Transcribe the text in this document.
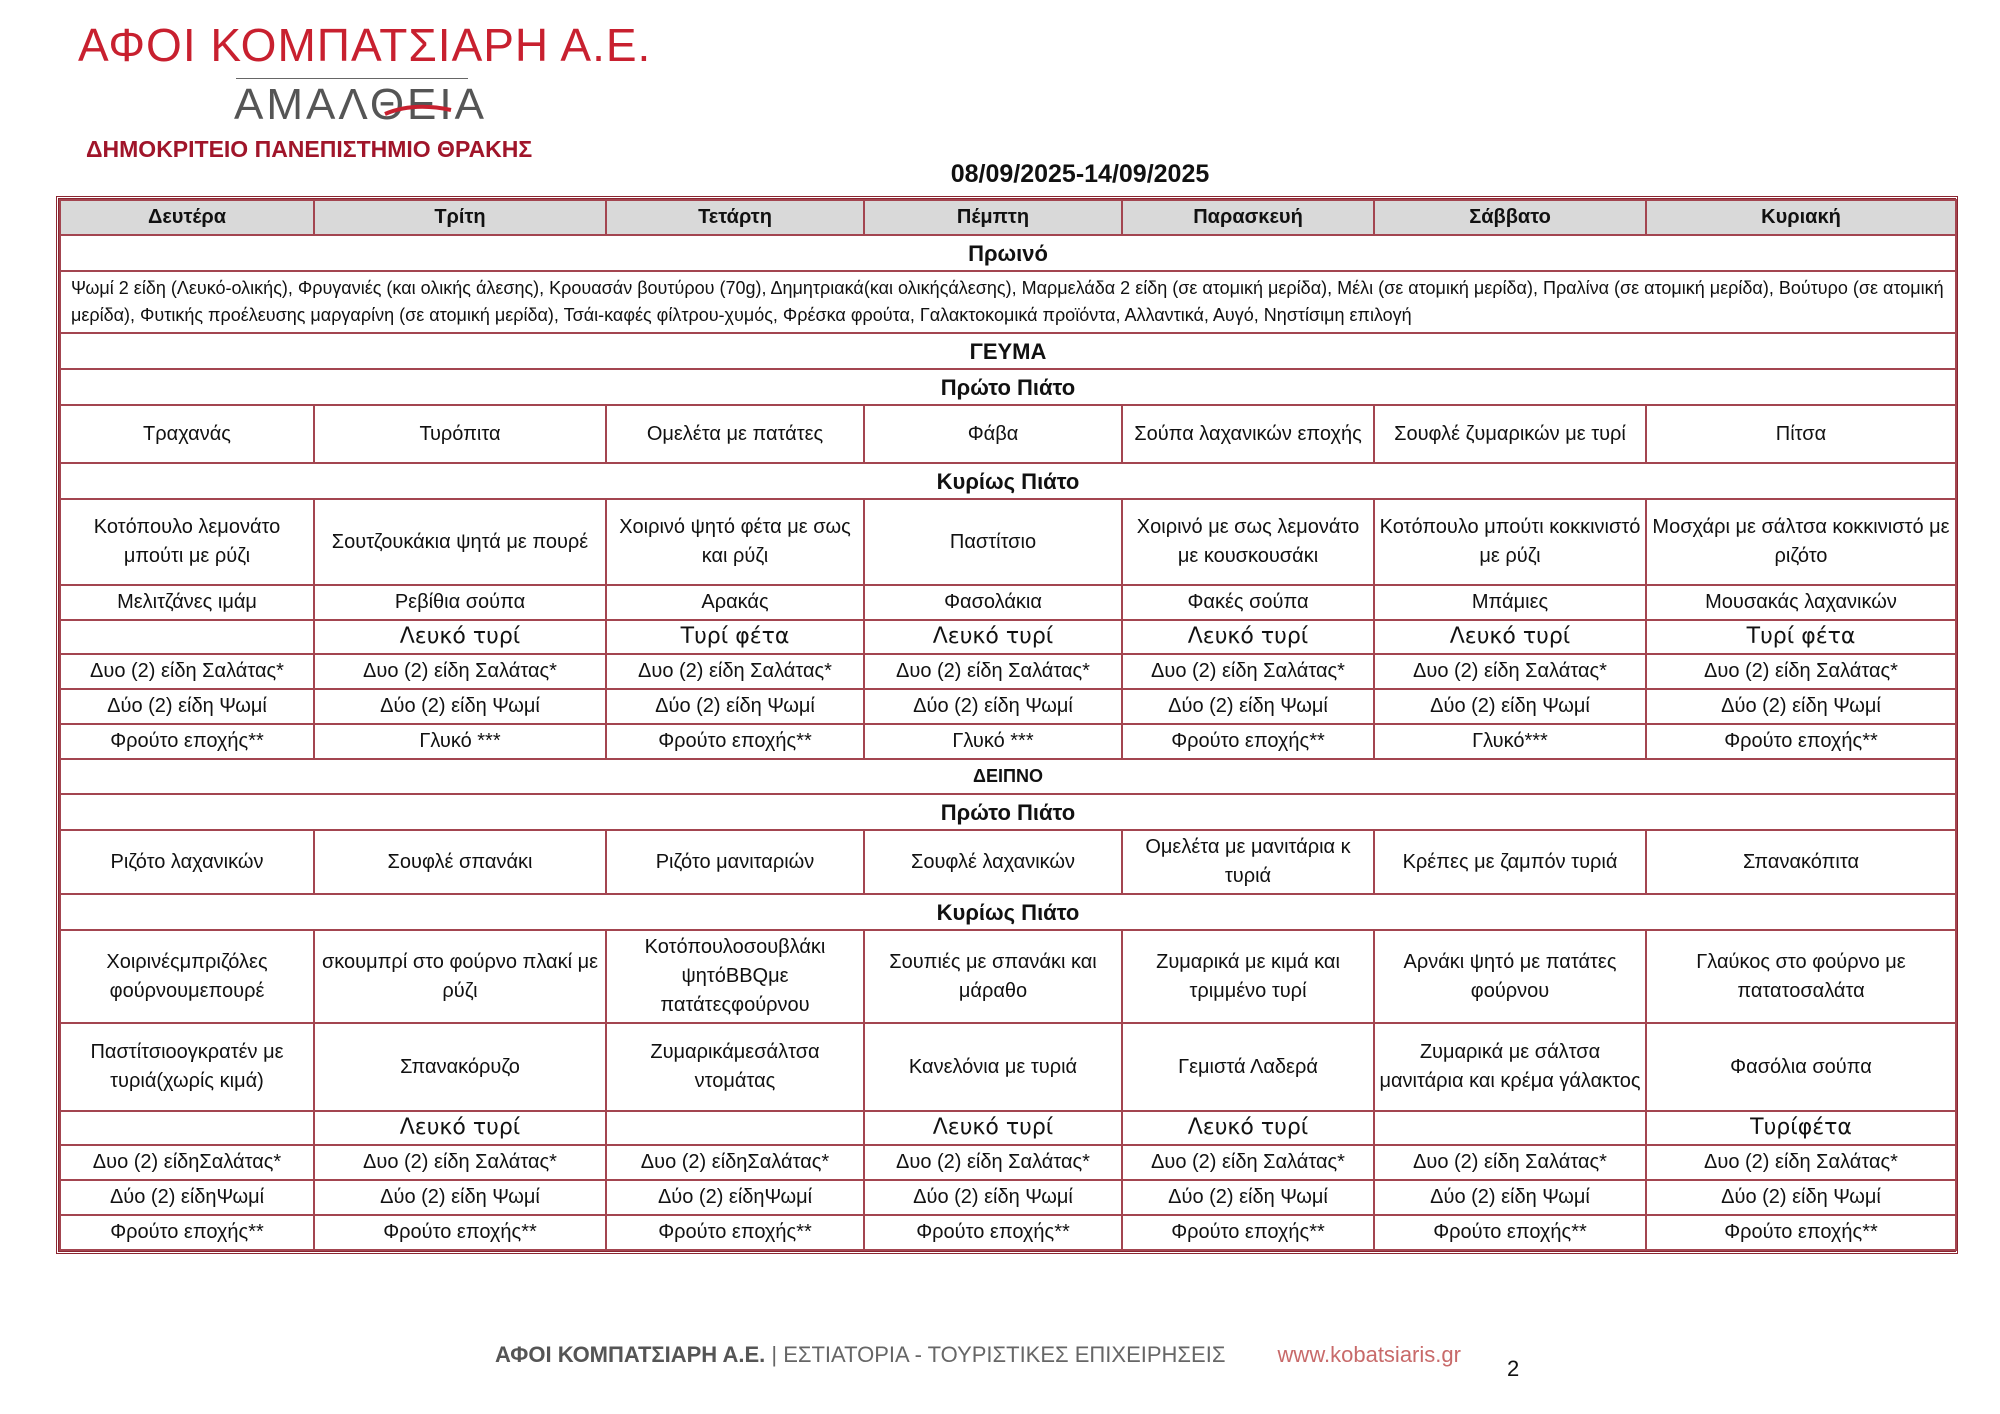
ΑΦΟΙ ΚΟΜΠΑΤΣΙΑΡΗ Α.Ε.
ΑΜΑΛΘΕΙΑ
ΔΗΜΟΚΡΙΤΕΙΟ ΠΑΝΕΠΙΣΤΗΜΙΟ ΘΡΑΚΗΣ
08/09/2025-14/09/2025
Δευτέρα	Τρίτη	Τετάρτη	Πέμπτη	Παρασκευή	Σάββατο	Κυριακή
Πρωινό						
Ψωμί 2 είδη (Λευκό-ολικής), Φρυγανιές (και ολικής άλεσης), Κρουασάν βουτύρου (70g), Δημητριακά(και ολικήςάλεσης), Μαρμελάδα 2 είδη (σε ατομική μερίδα), Μέλι (σε ατομική μερίδα), Πραλίνα (σε ατομική μερίδα), Βούτυρο (σε ατομική μερίδα), Φυτικής προέλευσης μαργαρίνη (σε ατομική μερίδα), Τσάι-καφές φίλτρου-χυμός, Φρέσκα φρούτα, Γαλακτοκομικά προϊόντα, Αλλαντικά, Αυγό, Νηστίσιμη επιλογή						
ΓΕΥΜΑ						
Πρώτο Πιάτο						
Τραχανάς	Τυρόπιτα	Ομελέτα με πατάτες	Φάβα	Σούπα λαχανικών εποχής	Σουφλέ ζυμαρικών με τυρί	Πίτσα
Κυρίως Πιάτο						
Κοτόπουλο λεμονάτο μπούτι με ρύζι	Σουτζουκάκια ψητά με πουρέ	Χοιρινό ψητό φέτα με σως και ρύζι	Παστίτσιο	Χοιρινό με σως λεμονάτο με κουσκουσάκι	Κοτόπουλο μπούτι κοκκινιστό με ρύζι	Μοσχάρι με σάλτσα κοκκινιστό με ριζότο
Μελιτζάνες ιμάμ	Ρεβίθια σούπα	Αρακάς	Φασολάκια	Φακές σούπα	Μπάμιες	Μουσακάς λαχανικών
	Λευκό τυρί	Τυρί φέτα	Λευκό τυρί	Λευκό τυρί	Λευκό τυρί	Τυρί φέτα
Δυο (2) είδη Σαλάτας*	Δυο (2) είδη Σαλάτας*	Δυο (2) είδη Σαλάτας*	Δυο (2) είδη Σαλάτας*	Δυο (2) είδη Σαλάτας*	Δυο (2) είδη Σαλάτας*	Δυο (2) είδη Σαλάτας*
Δύο (2) είδη Ψωμί	Δύο (2) είδη Ψωμί	Δύο (2) είδη Ψωμί	Δύο (2) είδη Ψωμί	Δύο (2) είδη Ψωμί	Δύο (2) είδη Ψωμί	Δύο (2) είδη Ψωμί
Φρούτο εποχής**	Γλυκό ***	Φρούτο εποχής**	Γλυκό ***	Φρούτο εποχής**	Γλυκό***	Φρούτο εποχής**
ΔΕΙΠΝΟ						
Πρώτο Πιάτο						
Ριζότο λαχανικών	Σουφλέ σπανάκι	Ριζότο μανιταριών	Σουφλέ λαχανικών	Ομελέτα με μανιτάρια κ τυριά	Κρέπες με ζαμπόν τυριά	Σπανακόπιτα
Κυρίως Πιάτο						
Χοιρινέςμπριζόλες φούρνουμεπουρέ	σκουμπρί στο φούρνο πλακί με ρύζι	Κοτόπουλοσουβλάκι ψητόBBQμε πατάτεςφούρνου	Σουπιές με σπανάκι και μάραθο	Ζυμαρικά με κιμά και τριμμένο τυρί	Αρνάκι ψητό με πατάτες φούρνου	Γλαύκος στο φούρνο με πατατοσαλάτα
Παστίτσιοογκρατέν με τυριά(χωρίς κιμά)	Σπανακόρυζο	Ζυμαρικάμεσάλτσα ντομάτας	Κανελόνια με τυριά	Γεμιστά Λαδερά	Ζυμαρικά με σάλτσα μανιτάρια και κρέμα γάλακτος	Φασόλια σούπα
	Λευκό τυρί		Λευκό τυρί	Λευκό τυρί		Τυρίφέτα
Δυο (2) είδηΣαλάτας*	Δυο (2) είδη Σαλάτας*	Δυο (2) είδηΣαλάτας*	Δυο (2) είδη Σαλάτας*	Δυο (2) είδη Σαλάτας*	Δυο (2) είδη Σαλάτας*	Δυο (2) είδη Σαλάτας*
Δύο (2) είδηΨωμί	Δύο (2) είδη Ψωμί	Δύο (2) είδηΨωμί	Δύο (2) είδη Ψωμί	Δύο (2) είδη Ψωμί	Δύο (2) είδη Ψωμί	Δύο (2) είδη Ψωμί
Φρούτο εποχής**	Φρούτο εποχής**	Φρούτο εποχής**	Φρούτο εποχής**	Φρούτο εποχής**	Φρούτο εποχής**	Φρούτο εποχής**
ΑΦΟΙ ΚΟΜΠΑΤΣΙΑΡΗ Α.Ε. | ΕΣΤΙΑΤΟΡΙΑ - ΤΟΥΡΙΣΤΙΚΕΣ ΕΠΙΧΕΙΡΗΣΕΙΣ www.kobatsiaris.gr
2
